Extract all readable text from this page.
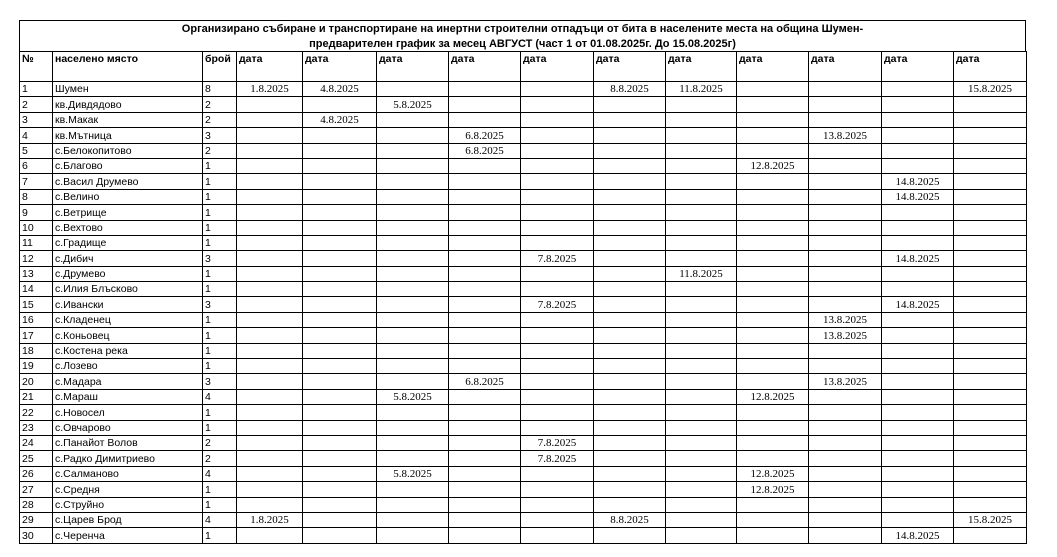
Организирано събиране и транспортиране на инертни строителни отпадъци от бита в населените места на община Шумен-
предварителен график за месец АВГУСТ (част 1 от 01.08.2025г. До 15.08.2025г)
№	населено място	брой	дата	дата	дата	дата	дата	дата	дата	дата	дата	дата	дата
1	Шумен	8	1.8.2025	4.8.2025				8.8.2025	11.8.2025				15.8.2025
2	кв.Дивдядово	2			5.8.2025								
3	кв.Макак	2		4.8.2025									
4	кв.Мътница	3				6.8.2025					13.8.2025		
5	с.Белокопитово	2				6.8.2025							
6	с.Благово	1								12.8.2025			
7	с.Васил Друмево	1										14.8.2025	
8	с.Велино	1										14.8.2025	
9	с.Ветрище	1											
10	с.Вехтово	1											
11	с.Градище	1											
12	с.Дибич	3					7.8.2025					14.8.2025	
13	с.Друмево	1							11.8.2025				
14	с.Илия Блъсково	1											
15	с.Ивански	3					7.8.2025					14.8.2025	
16	с.Кладенец	1									13.8.2025		
17	с.Коньовец	1									13.8.2025		
18	с.Костена река	1											
19	с.Лозево	1											
20	с.Мадара	3				6.8.2025					13.8.2025		
21	с.Мараш	4			5.8.2025					12.8.2025			
22	с.Новосел	1											
23	с.Овчарово	1											
24	с.Панайот Волов	2					7.8.2025						
25	с.Радко Димитриево	2					7.8.2025						
26	с.Салманово	4			5.8.2025					12.8.2025			
27	с.Средня	1								12.8.2025			
28	с.Струйно	1											
29	с.Царев Брод	4	1.8.2025					8.8.2025					15.8.2025
30	с.Черенча	1										14.8.2025	
